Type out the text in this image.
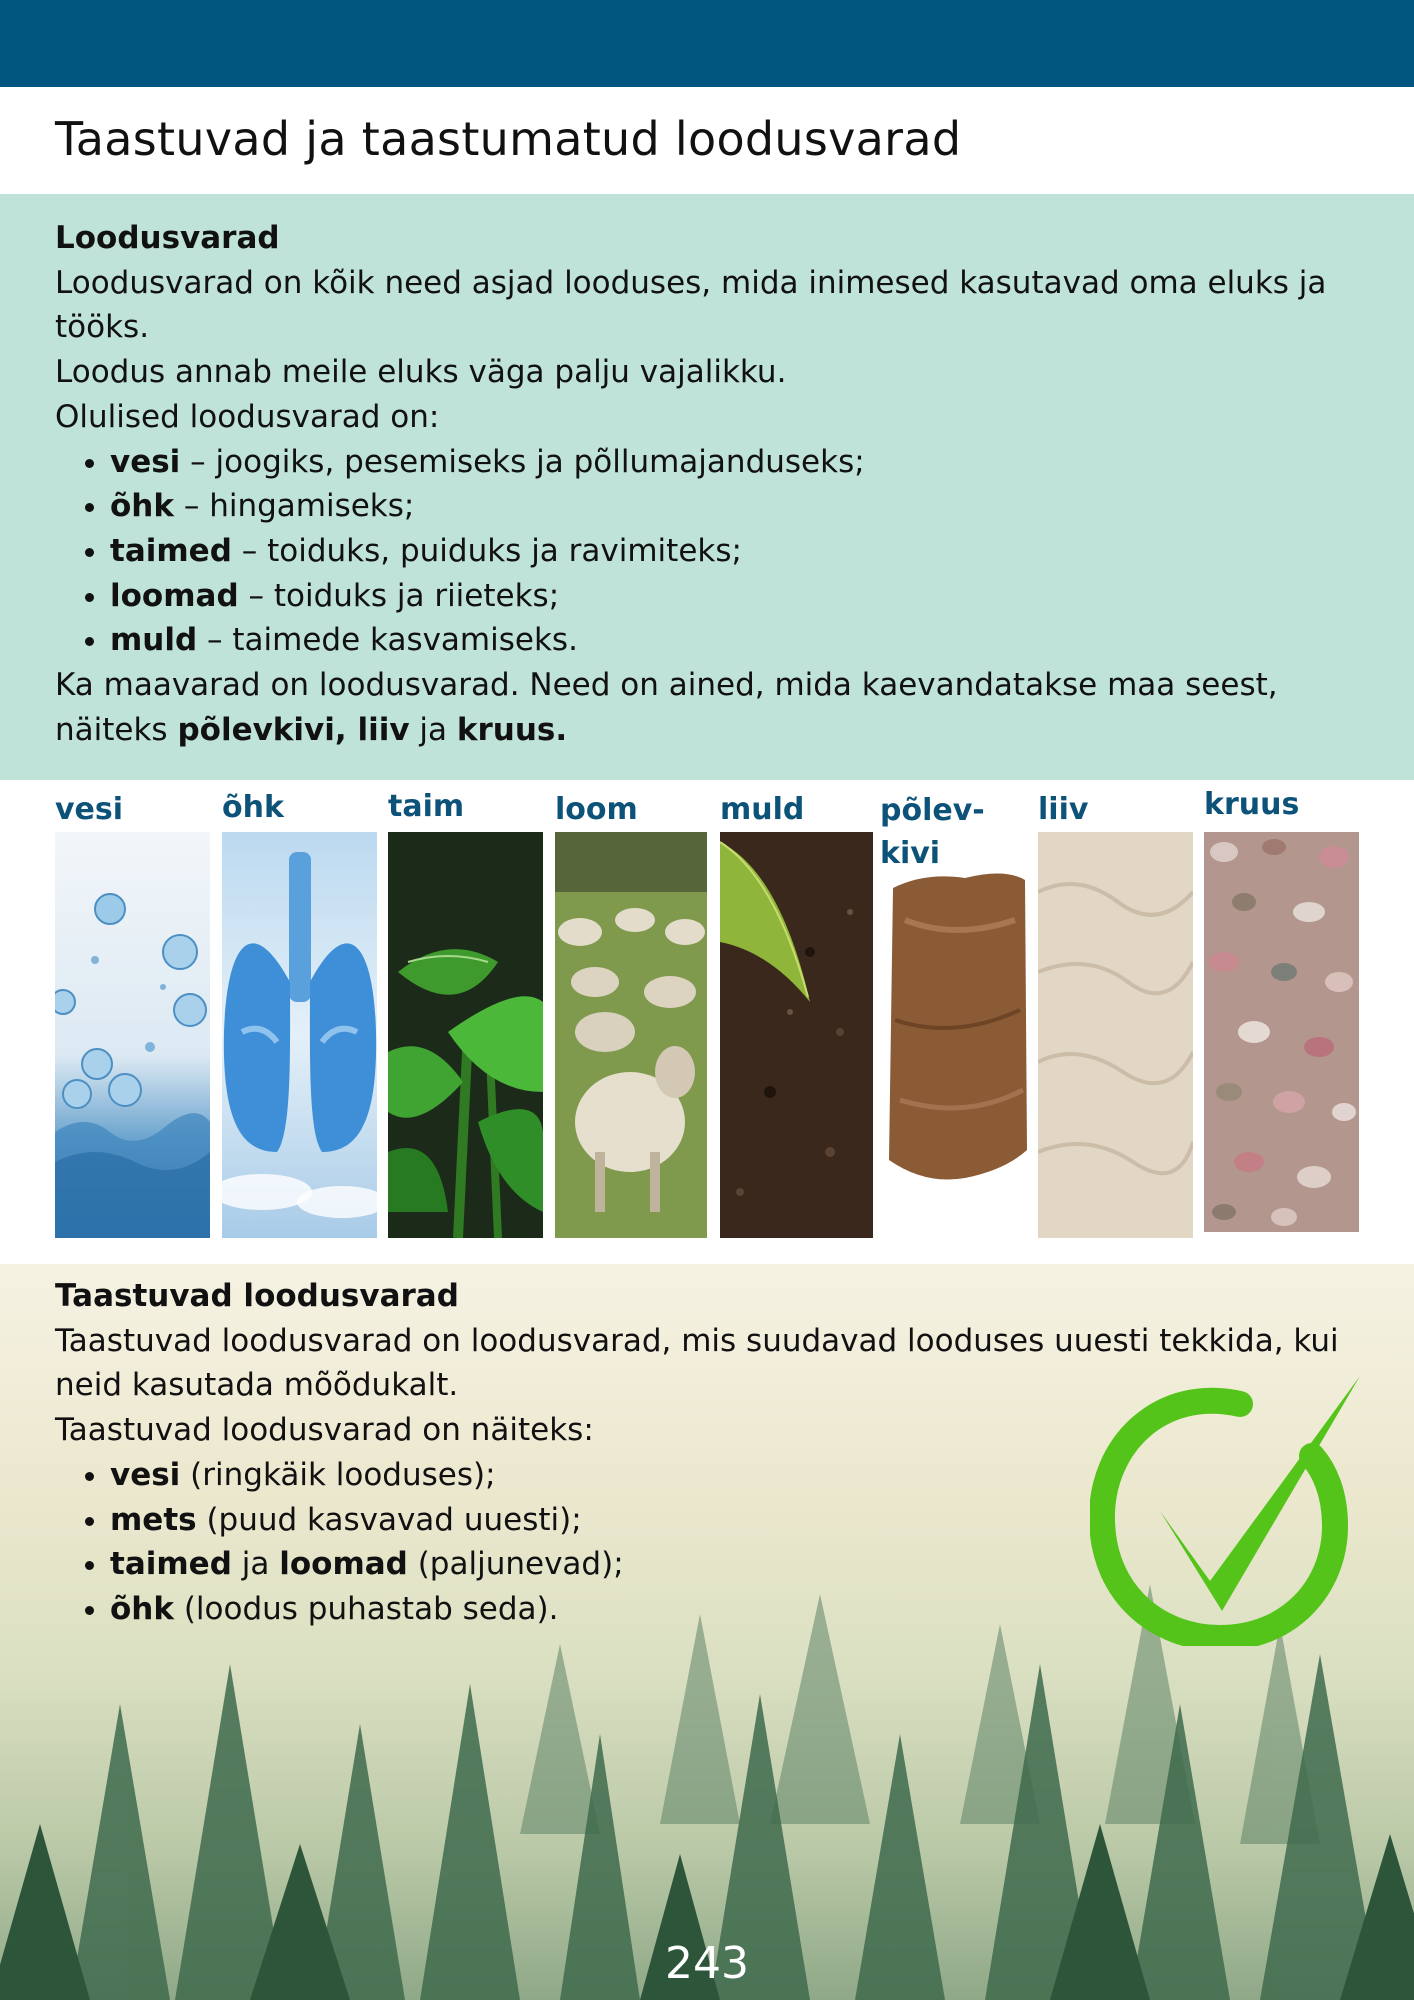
Taastuvad ja taastumatud loodusvarad

Loodusvarad

Loodusvarad on kõik need asjad looduses, mida inimesed kasutavad oma eluks ja tööks.

Loodus annab meile eluks väga palju vajalikku.

Olulised loodusvarad on:

• vesi – joogiks, pesemiseks ja põllumajanduseks;
• õhk – hingamiseks;
• taimed – toiduks, puiduks ja ravimiteks;
• loomad – toiduks ja riieteks;
• muld – taimede kasvamiseks.

Ka maavarad on loodusvarad. Need on ained, mida kaevandatakse maa seest, näiteks põlevkivi, liiv ja kruus.

vesi	õhk	taim	loom	muld	põlev-
kivi
liiv	kruus

Taastuvad loodusvarad

Taastuvad loodusvarad on loodusvarad, mis suudavad looduses uuesti tekkida, kui neid kasutada mõõdukalt.

Taastuvad loodusvarad on näiteks:

• vesi (ringkäik looduses);
• mets (puud kasvavad uuesti);
• taimed ja loomad (paljunevad);
• õhk (loodus puhastab seda).
243
